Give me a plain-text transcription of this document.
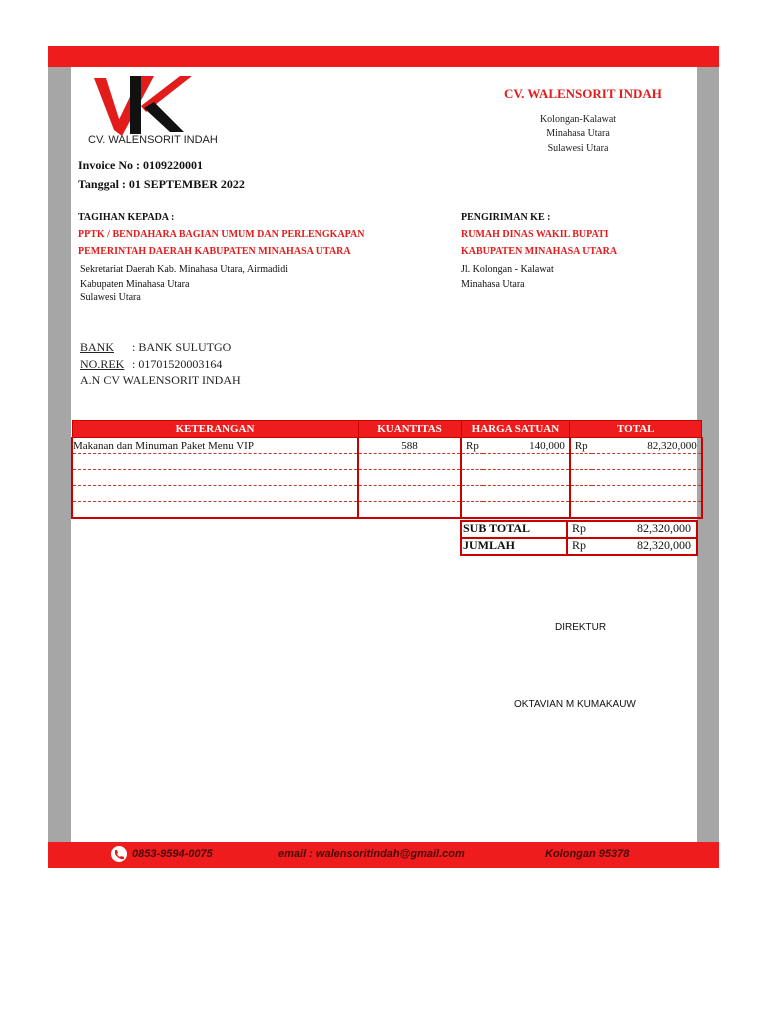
CV. WALENSORIT INDAH
CV. WALENSORIT INDAH
Kolongan-Kalawat
Minahasa Utara
Sulawesi Utara
Invoice No : 0109220001
Tanggal : 01 SEPTEMBER 2022
TAGIHAN KEPADA :
PPTK / BENDAHARA BAGIAN UMUM DAN PERLENGKAPAN
PEMERINTAH DAERAH KABUPATEN MINAHASA UTARA
Sekretariat Daerah Kab. Minahasa Utara, Airmadidi
Kabupaten Minahasa Utara
Sulawesi Utara
PENGIRIMAN KE :
RUMAH DINAS WAKIL BUPATI
KABUPATEN MINAHASA UTARA
Jl. Kolongan - Kalawat
Minahasa Utara
BANK : BANK SULUTGO
NO.REK : 01701520003164
A.N CV WALENSORIT INDAH
KETERANGAN	KUANTITAS	HARGA SATUAN		TOTAL	
Makanan dan Minuman Paket Menu VIP	588	Rp	140,000	Rp	82,320,000

SUB TOTAL	Rp	82,320,000
JUMLAH	Rp	82,320,000
DIREKTUR
OKTAVIAN M KUMAKAUW
0853-9594-0075	email : walensoritindah@gmail.com	Kolongan 95378
